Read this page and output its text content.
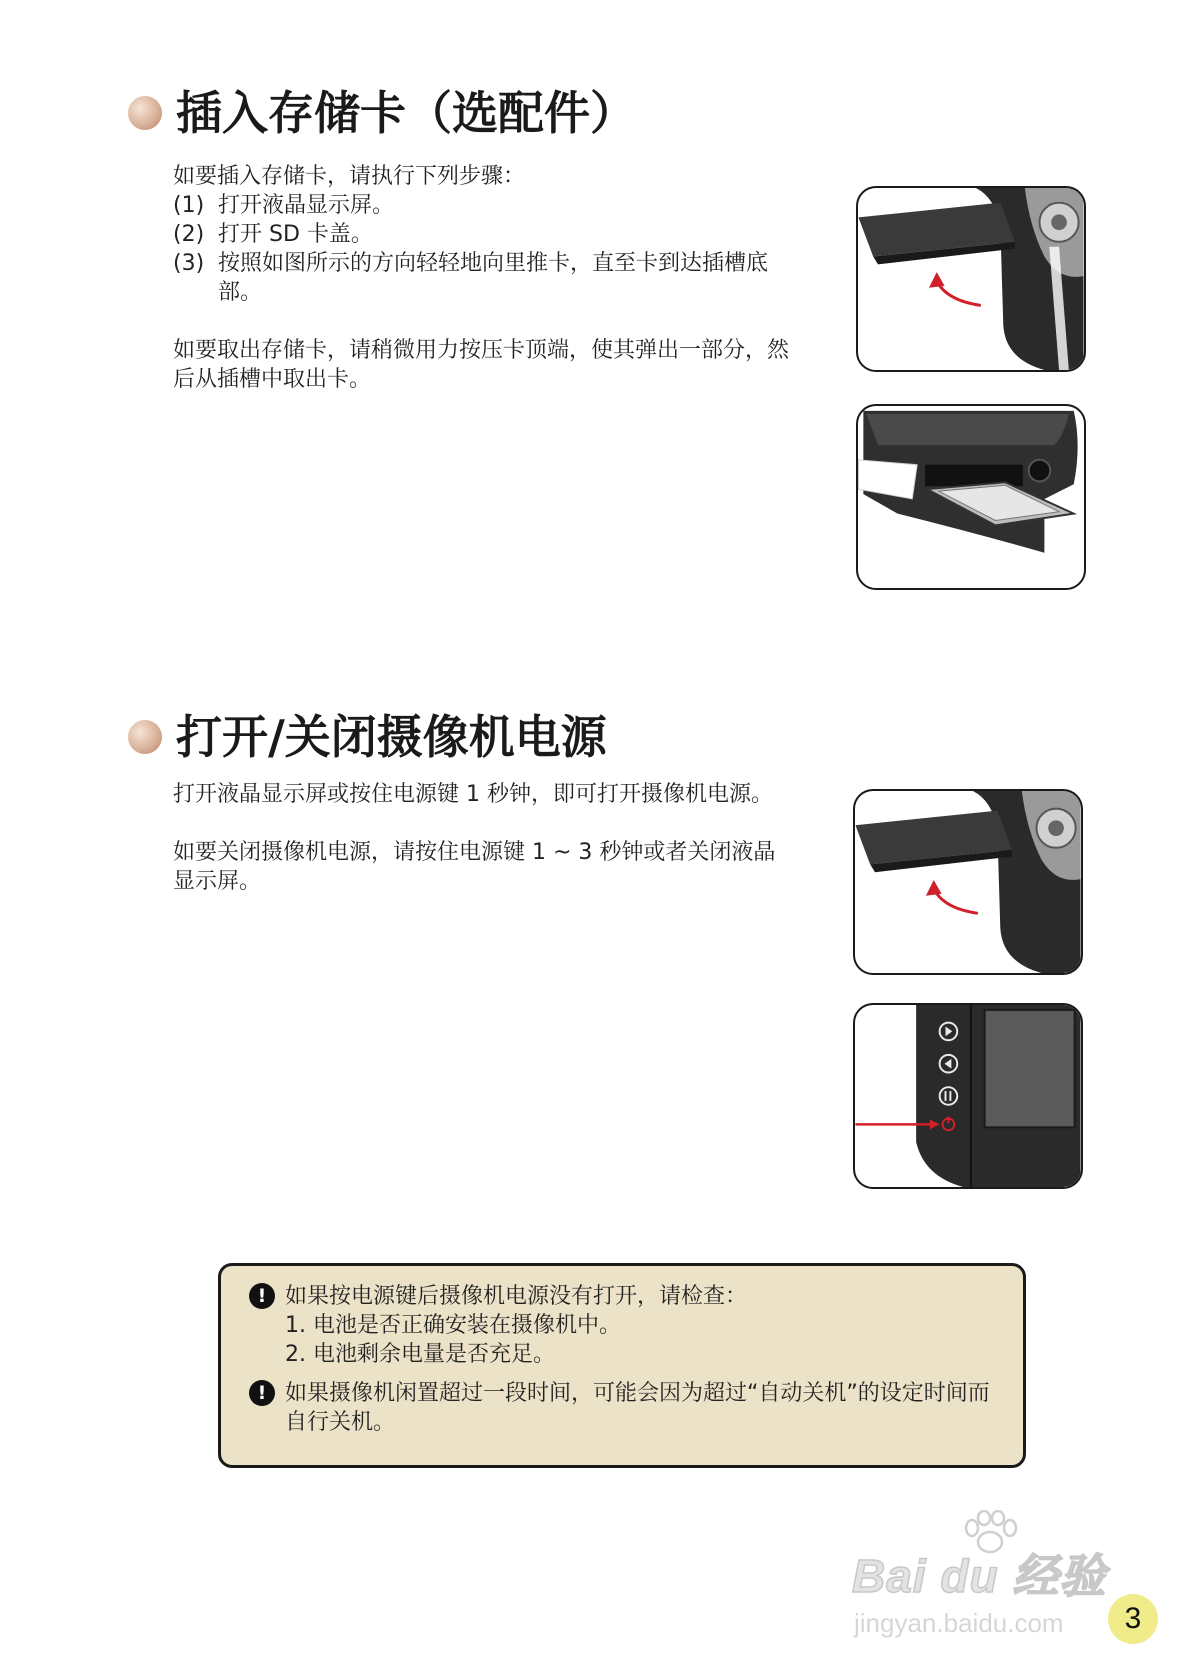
插入存储卡（选配件）

如要插入存储卡，请执行下列步骤：

(1) 打开液晶显示屏。
(2) 打开 SD 卡盖。
(3) 按照如图所示的方向轻轻地向里推卡，直至卡到达插槽底部。

如要取出存储卡，请稍微用力按压卡顶端，使其弹出一部分，然后从插槽中取出卡。

打开/关闭摄像机电源

打开液晶显示屏或按住电源键 1 秒钟，即可打开摄像机电源。

如要关闭摄像机电源，请按住电源键 1 ~ 3 秒钟或者关闭液晶显示屏。

! 如果按电源键后摄像机电源没有打开，请检查：

1. 电池是否正确安装在摄像机中。

2. 电池剩余电量是否充足。

! 如果摄像机闲置超过一段时间，可能会因为超过“自动关机”的设定时间而自行关机。

Bai du 经验
jingyan.baidu.com	3
